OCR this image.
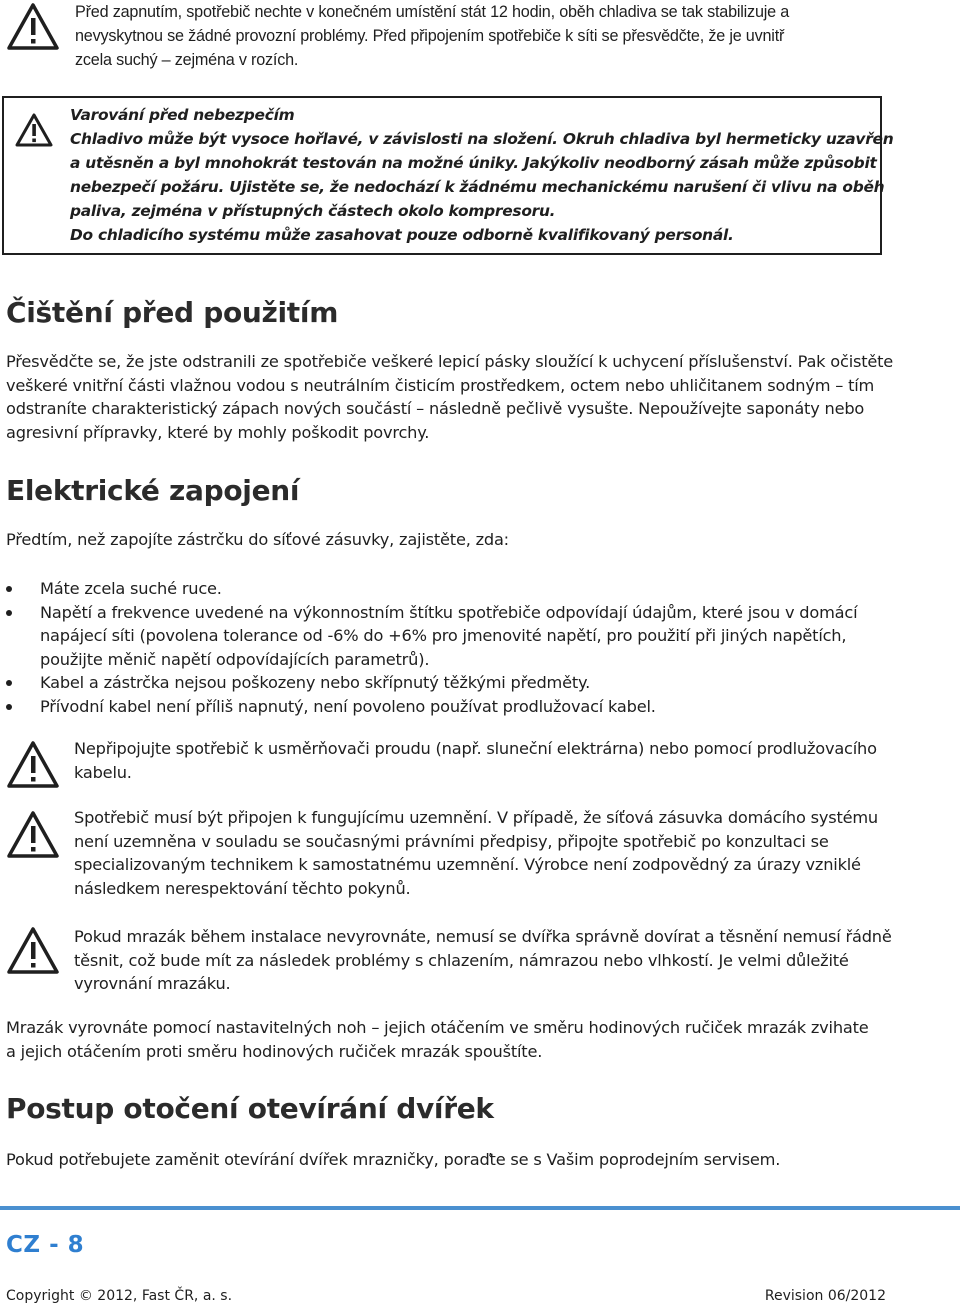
Před zapnutím, spotřebič nechte v konečném umístění stát 12 hodin, oběh chladiva se tak stabilizuje a
nevyskytnou se žádné provozní problémy. Před připojením spotřebiče k síti se přesvědčte, že je uvnitř
zcela suchý – zejména v rozích.
Varování před nebezpečím
Chladivo může být vysoce hořlavé, v závislosti na složení. Okruh chladiva byl hermeticky uzavřen
a utěsněn a byl mnohokrát testován na možné úniky. Jakýkoliv neodborný zásah může způsobit
nebezpečí požáru. Ujistěte se, že nedochází k žádnému mechanickému narušení či vlivu na oběh
paliva, zejména v přístupných částech okolo kompresoru.
Do chladicího systému může zasahovat pouze odborně kvalifikovaný personál.
Čištění před použitím
Přesvědčte se, že jste odstranili ze spotřebiče veškeré lepicí pásky sloužící k uchycení příslušenství. Pak očistěte
veškeré vnitřní části vlažnou vodou s neutrálním čisticím prostředkem, octem nebo uhličitanem sodným – tím
odstraníte charakteristický zápach nových součástí – následně pečlivě vysušte. Nepoužívejte saponáty nebo
agresivní přípravky, které by mohly poškodit povrchy.
Elektrické zapojení
Předtím, než zapojíte zástrčku do síťové zásuvky, zajistěte, zda:
Máte zcela suché ruce.
Napětí a frekvence uvedené na výkonnostním štítku spotřebiče odpovídají údajům, které jsou v domácí
napájecí síti (povolena tolerance od -6% do +6% pro jmenovité napětí, pro použití při jiných napětích,
použijte měnič napětí odpovídajících parametrů).
Kabel a zástrčka nejsou poškozeny nebo skřípnutý těžkými předměty.
Přívodní kabel není příliš napnutý, není povoleno používat prodlužovací kabel.
Nepřipojujte spotřebič k usměrňovači proudu (např. sluneční elektrárna) nebo pomocí prodlužovacího
kabelu.
Spotřebič musí být připojen k fungujícímu uzemnění. V případě, že síťová zásuvka domácího systému
není uzemněna v souladu se současnými právními předpisy, připojte spotřebič po konzultaci se
specializovaným technikem k samostatnému uzemnění. Výrobce není zodpovědný za úrazy vzniklé
následkem nerespektování těchto pokynů.
Pokud mrazák během instalace nevyrovnáte, nemusí se dvířka správně dovírat a těsnění nemusí řádně
těsnit, což bude mít za následek problémy s chlazením, námrazou nebo vlhkostí. Je velmi důležité
vyrovnání mrazáku.
Mrazák vyrovnáte pomocí nastavitelných noh – jejich otáčením ve směru hodinových ručiček mrazák zvihate
a jejich otáčením proti směru hodinových ručiček mrazák spouštíte.
Postup otočení otevírání dvířek
Pokud potřebujete zaměnit otevírání dvířek mrazničky, poraďte se s Vašim poprodejním servisem.
CZ - 8
Copyright © 2012, Fast ČR, a. s.	Revision 06/2012
